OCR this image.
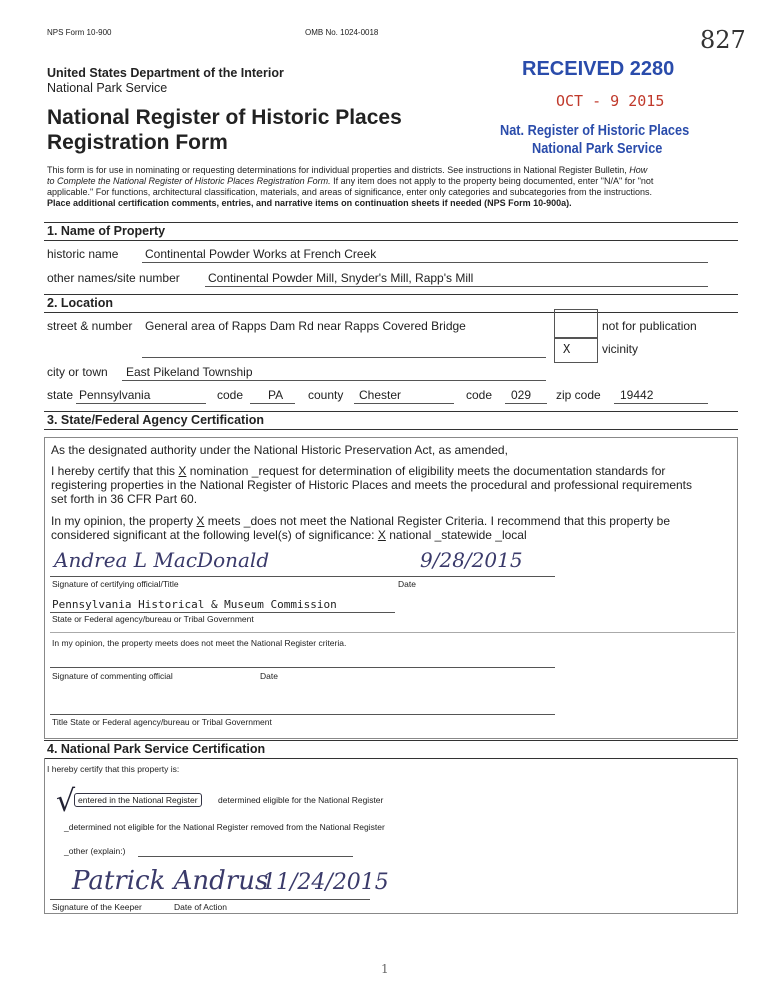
NPS Form 10-900	OMB No. 1024-0018	827
United States Department of the Interior
National Park Service
National Register of Historic Places
Registration Form
RECEIVED 2280
OCT - 9 2015
Nat. Register of Historic Places
National Park Service
This form is for use in nominating or requesting determinations for individual properties and districts. See instructions in National Register Bulletin, How
to Complete the National Register of Historic Places Registration Form. If any item does not apply to the property being documented, enter "N/A" for "not
applicable." For functions, architectural classification, materials, and areas of significance, enter only categories and subcategories from the instructions.
Place additional certification comments, entries, and narrative items on continuation sheets if needed (NPS Form 10-900a).
1. Name of Property
historic name Continental Powder Works at French Creek
other names/site number Continental Powder Mill, Snyder's Mill, Rapp's Mill
2. Location
street & number General area of Rapps Dam Rd near Rapps Covered Bridge	not for publication
X	vicinity
city or town East Pikeland Township
state Pennsylvania	code PA county Chester	code 029 zip code 19442
3. State/Federal Agency Certification
As the designated authority under the National Historic Preservation Act, as amended,
I hereby certify that this X nomination _request for determination of eligibility meets the documentation standards for
registering properties in the National Register of Historic Places and meets the procedural and professional requirements
set forth in 36 CFR Part 60.
In my opinion, the property X meets _does not meet the National Register Criteria. I recommend that this property be
considered significant at the following level(s) of significance: X national _statewide _local
Andrea L MacDonald	9/28/2015
Signature of certifying official/Title	Date
Pennsylvania Historical & Museum Commission
State or Federal agency/bureau or Tribal Government
In my opinion, the property meets does not meet the National Register criteria.
Signature of commenting official	Date
Title State or Federal agency/bureau or Tribal Government
4. National Park Service Certification
I hereby certify that this property is:
√ entered in the National Register	determined eligible for the National Register
_determined not eligible for the National Register removed from the National Register
_other (explain:)
Patrick Andrus
11/24/2015
Signature of the Keeper	Date of Action
1
